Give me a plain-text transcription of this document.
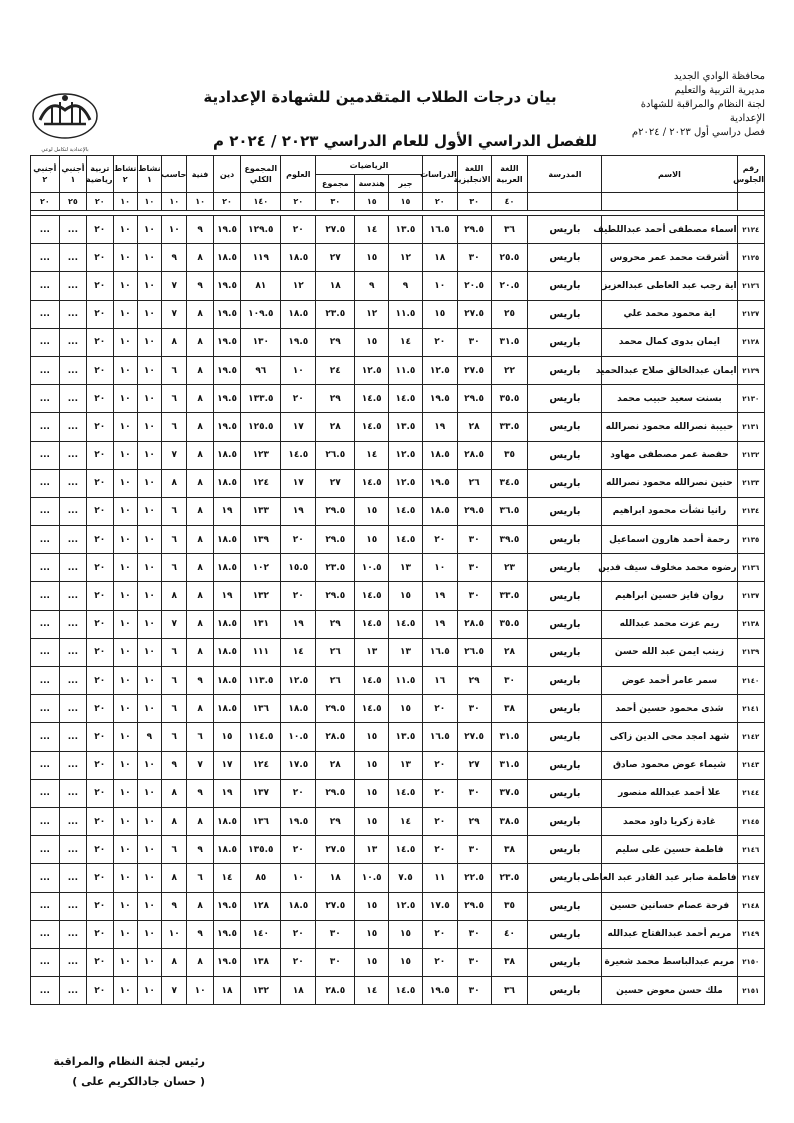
محافظة الوادي الجديد
مديرية التربية والتعليم
لجنة النظام والمراقبة للشهادة الإعدادية
فصل دراسي أول ٢٠٢٣ / ٢٠٢٤م
بيان درجات الطلاب المتقدمين للشهادة الإعدادية
للفصل الدراسي الأول للعام الدراسي ٢٠٢٣ / ٢٠٢٤ م
بالإعدادية لتكامل لوعي
رقم الجلوس	الاسم	المدرسة	اللغة العربية	اللغة الانجليزية	الدراسات	الرياضيات			العلوم	المجموع الكلي	دين	فنية	حاسب	نشاط ١	نشاط ٢	تربية رياضية	أجنبي ١	أجنبي ٢
						جبر	هندسة	مجموع										
			٤٠	٣٠	٢٠	١٥	١٥	٣٠	٢٠	١٤٠	٢٠	١٠	١٠	١٠	١٠	٢٠	٢٥	٢٠

٢١٢٤	اسماء مصطفى أحمد عبداللطيف	باريس	٣٦	٢٩.٥	١٦.٥	١٣.٥	١٤	٢٧.٥	٢٠	١٢٩.٥	١٩.٥	٩	١٠	١٠	١٠	٢٠	...	...
٢١٢٥	أشرقت محمد عمر محروس	باريس	٢٥.٥	٣٠	١٨	١٢	١٥	٢٧	١٨.٥	١١٩	١٨.٥	٨	٩	١٠	١٠	٢٠	...	...
٢١٢٦	اية رجب عبد العاطى عبدالعزيز	باريس	٢٠.٥	٢٠.٥	١٠	٩	٩	١٨	١٢	٨١	١٩.٥	٩	٧	١٠	١٠	٢٠	...	...
٢١٢٧	اية محمود محمد علي	باريس	٢٥	٢٧.٥	١٥	١١.٥	١٢	٢٣.٥	١٨.٥	١٠٩.٥	١٩.٥	٨	٧	١٠	١٠	٢٠	...	...
٢١٢٨	ايمان بدوى كمال محمد	باريس	٣١.٥	٣٠	٢٠	١٤	١٥	٢٩	١٩.٥	١٣٠	١٩.٥	٨	٨	١٠	١٠	٢٠	...	...
٢١٢٩	ايمان عبدالخالق صلاح عبدالحميد	باريس	٢٢	٢٧.٥	١٢.٥	١١.٥	١٢.٥	٢٤	١٠	٩٦	١٩.٥	٨	٦	١٠	١٠	٢٠	...	...
٢١٣٠	بسنت سعيد حبيب محمد	باريس	٣٥.٥	٢٩.٥	١٩.٥	١٤.٥	١٤.٥	٢٩	٢٠	١٣٣.٥	١٩.٥	٨	٦	١٠	١٠	٢٠	...	...
٢١٣١	حبيبة نصرالله محمود نصرالله	باريس	٣٣.٥	٢٨	١٩	١٣.٥	١٤.٥	٢٨	١٧	١٢٥.٥	١٩.٥	٨	٦	١٠	١٠	٢٠	...	...
٢١٣٢	حفصة عمر مصطفى مهاود	باريس	٣٥	٢٨.٥	١٨.٥	١٢.٥	١٤	٢٦.٥	١٤.٥	١٢٣	١٨.٥	٨	٧	١٠	١٠	٢٠	...	...
٢١٣٣	حنين نصرالله محمود نصرالله	باريس	٣٤.٥	٢٦	١٩.٥	١٢.٥	١٤.٥	٢٧	١٧	١٢٤	١٨.٥	٨	٨	١٠	١٠	٢٠	...	...
٢١٣٤	رانيا نشأت محمود ابراهيم	باريس	٣٦.٥	٢٩.٥	١٨.٥	١٤.٥	١٥	٢٩.٥	١٩	١٣٣	١٩	٨	٦	١٠	١٠	٢٠	...	...
٢١٣٥	رحمة أحمد هارون اسماعيل	باريس	٣٩.٥	٣٠	٢٠	١٤.٥	١٥	٢٩.٥	٢٠	١٣٩	١٨.٥	٨	٦	١٠	١٠	٢٠	...	...
٢١٣٦	رضوه محمد مخلوف سيف فدين	باريس	٢٣	٣٠	١٠	١٣	١٠.٥	٢٣.٥	١٥.٥	١٠٢	١٨.٥	٨	٦	١٠	١٠	٢٠	...	...
٢١٣٧	روان فايز حسين ابراهيم	باريس	٣٣.٥	٣٠	١٩	١٥	١٤.٥	٢٩.٥	٢٠	١٣٢	١٩	٨	٨	١٠	١٠	٢٠	...	...
٢١٣٨	ريم عزت محمد عبدالله	باريس	٣٥.٥	٢٨.٥	١٩	١٤.٥	١٤.٥	٢٩	١٩	١٣١	١٨.٥	٨	٧	١٠	١٠	٢٠	...	...
٢١٣٩	زينب ايمن عبد الله حسن	باريس	٢٨	٢٦.٥	١٦.٥	١٣	١٣	٢٦	١٤	١١١	١٨.٥	٨	٦	١٠	١٠	٢٠	...	...
٢١٤٠	سمر عامر أحمد عوض	باريس	٣٠	٢٩	١٦	١١.٥	١٤.٥	٢٦	١٢.٥	١١٣.٥	١٨.٥	٩	٦	١٠	١٠	٢٠	...	...
٢١٤١	شذى محمود حسين أحمد	باريس	٣٨	٣٠	٢٠	١٥	١٤.٥	٢٩.٥	١٨.٥	١٣٦	١٨.٥	٨	٦	١٠	١٠	٢٠	...	...
٢١٤٢	شهد امجد محى الدين زاكى	باريس	٣١.٥	٢٧.٥	١٦.٥	١٣.٥	١٥	٢٨.٥	١٠.٥	١١٤.٥	١٥	٦	٦	٩	١٠	٢٠	...	...
٢١٤٣	شيماء عوض محمود صادق	باريس	٣١.٥	٢٧	٢٠	١٣	١٥	٢٨	١٧.٥	١٢٤	١٧	٧	٩	١٠	١٠	٢٠	...	...
٢١٤٤	علا أحمد عبدالله منصور	باريس	٣٧.٥	٣٠	٢٠	١٤.٥	١٥	٢٩.٥	٢٠	١٣٧	١٩	٩	٨	١٠	١٠	٢٠	...	...
٢١٤٥	غادة زكريا داود محمد	باريس	٣٨.٥	٢٩	٢٠	١٤	١٥	٢٩	١٩.٥	١٣٦	١٨.٥	٨	٨	١٠	١٠	٢٠	...	...
٢١٤٦	فاطمة حسين على سليم	باريس	٣٨	٣٠	٢٠	١٤.٥	١٣	٢٧.٥	٢٠	١٣٥.٥	١٨.٥	٩	٦	١٠	١٠	٢٠	...	...
٢١٤٧	فاطمة صابر عبد القادر عبد العاطى	باريس	٢٣.٥	٢٢.٥	١١	٧.٥	١٠.٥	١٨	١٠	٨٥	١٤	٦	٨	١٠	١٠	٢٠	...	...
٢١٤٨	فرحة عصام حسانين حسين	باريس	٣٥	٢٩.٥	١٧.٥	١٢.٥	١٥	٢٧.٥	١٨.٥	١٢٨	١٩.٥	٨	٩	١٠	١٠	٢٠	...	...
٢١٤٩	مريم أحمد عبدالفتاح عبدالله	باريس	٤٠	٣٠	٢٠	١٥	١٥	٣٠	٢٠	١٤٠	١٩.٥	٩	١٠	١٠	١٠	٢٠	...	...
٢١٥٠	مريم عبدالباسط محمد شعيرة	باريس	٣٨	٣٠	٢٠	١٥	١٥	٣٠	٢٠	١٣٨	١٩.٥	٨	٨	١٠	١٠	٢٠	...	...
٢١٥١	ملك حسن معوض حسين	باريس	٣٦	٣٠	١٩.٥	١٤.٥	١٤	٢٨.٥	١٨	١٣٢	١٨	١٠	٧	١٠	١٠	٢٠	...	...
رئيس لجنة النظام والمراقبة
( حسان جادالكريم على )
